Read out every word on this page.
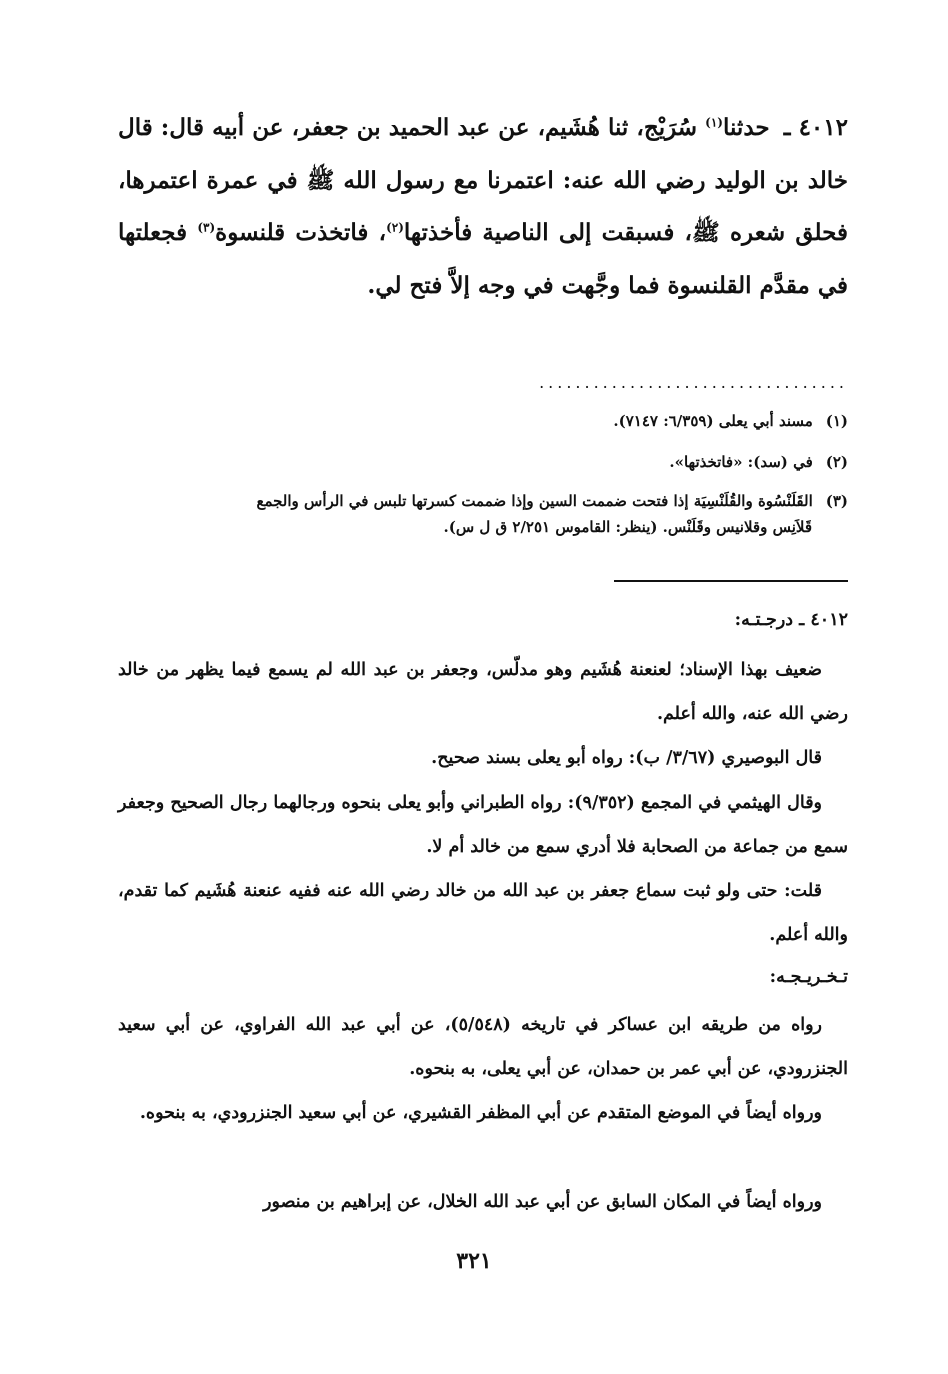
٤٠١٢ ـ حدثنا$^{(١)}$ سُرَيْج، ثنا هُشَيم، عن عبد الحميد بن جعفر، عن أبيه قال: قال خالد بن الوليد رضي الله عنه: اعتمرنا مع رسول الله ﷺ في عمرة اعتمرها، فحلق شعره ﷺ، فسبقت إلى الناصية فأخذتها$^{(٢)}$، فاتخذت قلنسوة$^{(٣)}$ فجعلتها في مقدَّم القلنسوة فما وجَّهت في وجه إلاَّ فتح لي.
..................................
(١) مسند أبي يعلى (٦/٣٥٩: ٧١٤٧).
(٢) في (سد): «فاتخذتها».
(٣) القَلَنْسُوة والقُلَنْسِيَة إذا فتحت ضممت السين وإذا ضممت كسرتها تلبس في الرأس والجمع
قَلاَنِس وقلانيس وقَلَنْس. (ينظر: القاموس ٢/٢٥١ ق ل س).
٤٠١٢ ـ درجـتـه:
ضعيف بهذا الإسناد؛ لعنعنة هُشَيم وهو مدلّس، وجعفر بن عبد الله لم يسمع فيما يظهر من خالد رضي الله عنه، والله أعلم.
قال البوصيري (٣/٦٧/ ب): رواه أبو يعلى بسند صحيح.
وقال الهيثمي في المجمع (٩/٣٥٢): رواه الطبراني وأبو يعلى بنحوه ورجالهما رجال الصحيح وجعفر سمع من جماعة من الصحابة فلا أدري سمع من خالد أم لا.
قلت: حتى ولو ثبت سماع جعفر بن عبد الله من خالد رضي الله عنه ففيه عنعنة هُشَيم كما تقدم، والله أعلم.
تـخـريـجـه:
رواه من طريقه ابن عساكر في تاريخه (٥/٥٤٨)، عن أبي عبد الله الفراوي، عن أبي سعيد الجنزرودي، عن أبي عمر بن حمدان، عن أبي يعلى، به بنحوه.
ورواه أيضاً في الموضع المتقدم عن أبي المظفر القشيري، عن أبي سعيد الجنزرودي، به بنحوه.
ورواه أيضاً في المكان السابق عن أبي عبد الله الخلال، عن إبراهيم بن منصور
٣٢١
